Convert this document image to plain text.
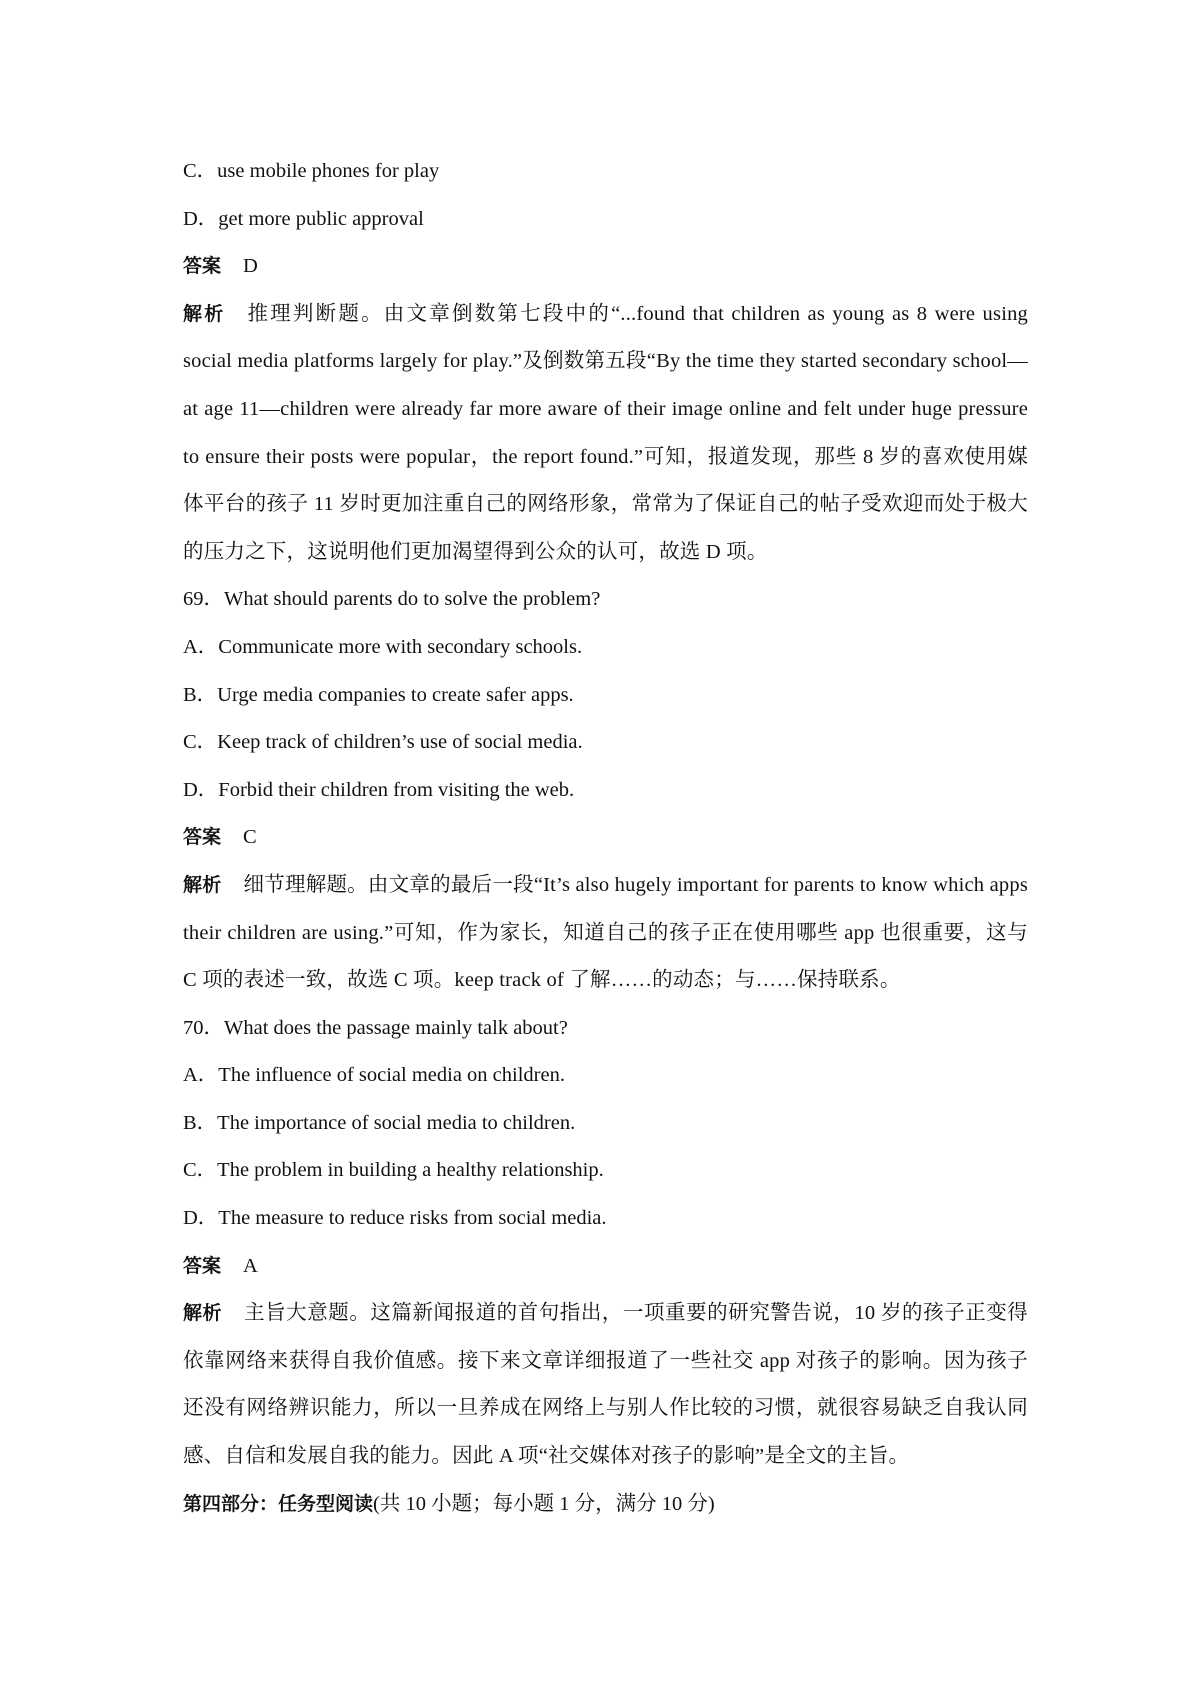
C．use mobile phones for play
D．get more public approval
答案 D
解析 推理判断题。由文章倒数第七段中的“...found that children as young as 8 were using social media platforms largely for play.”及倒数第五段“By the time they started secondary school—at age 11—children were already far more aware of their image online and felt under huge pressure to ensure their posts were popular，the report found.”可知，报道发现，那些 8 岁的喜欢使用媒体平台的孩子 11 岁时更加注重自己的网络形象，常常为了保证自己的帖子受欢迎而处于极大的压力之下，这说明他们更加渴望得到公众的认可，故选 D 项。
69．What should parents do to solve the problem?
A．Communicate more with secondary schools.
B．Urge media companies to create safer apps.
C．Keep track of children’s use of social media.
D．Forbid their children from visiting the web.
答案 C
解析 细节理解题。由文章的最后一段“It’s also hugely important for parents to know which apps their children are using.”可知，作为家长，知道自己的孩子正在使用哪些 app 也很重要，这与 C 项的表述一致，故选 C 项。keep track of 了解……的动态；与……保持联系。
70．What does the passage mainly talk about?
A．The influence of social media on children.
B．The importance of social media to children.
C．The problem in building a healthy relationship.
D．The measure to reduce risks from social media.
答案 A
解析 主旨大意题。这篇新闻报道的首句指出，一项重要的研究警告说，10 岁的孩子正变得依靠网络来获得自我价值感。接下来文章详细报道了一些社交 app 对孩子的影响。因为孩子还没有网络辨识能力，所以一旦养成在网络上与别人作比较的习惯，就很容易缺乏自我认同感、自信和发展自我的能力。因此 A 项“社交媒体对孩子的影响”是全文的主旨。
第四部分：任务型阅读(共 10 小题；每小题 1 分，满分 10 分)
